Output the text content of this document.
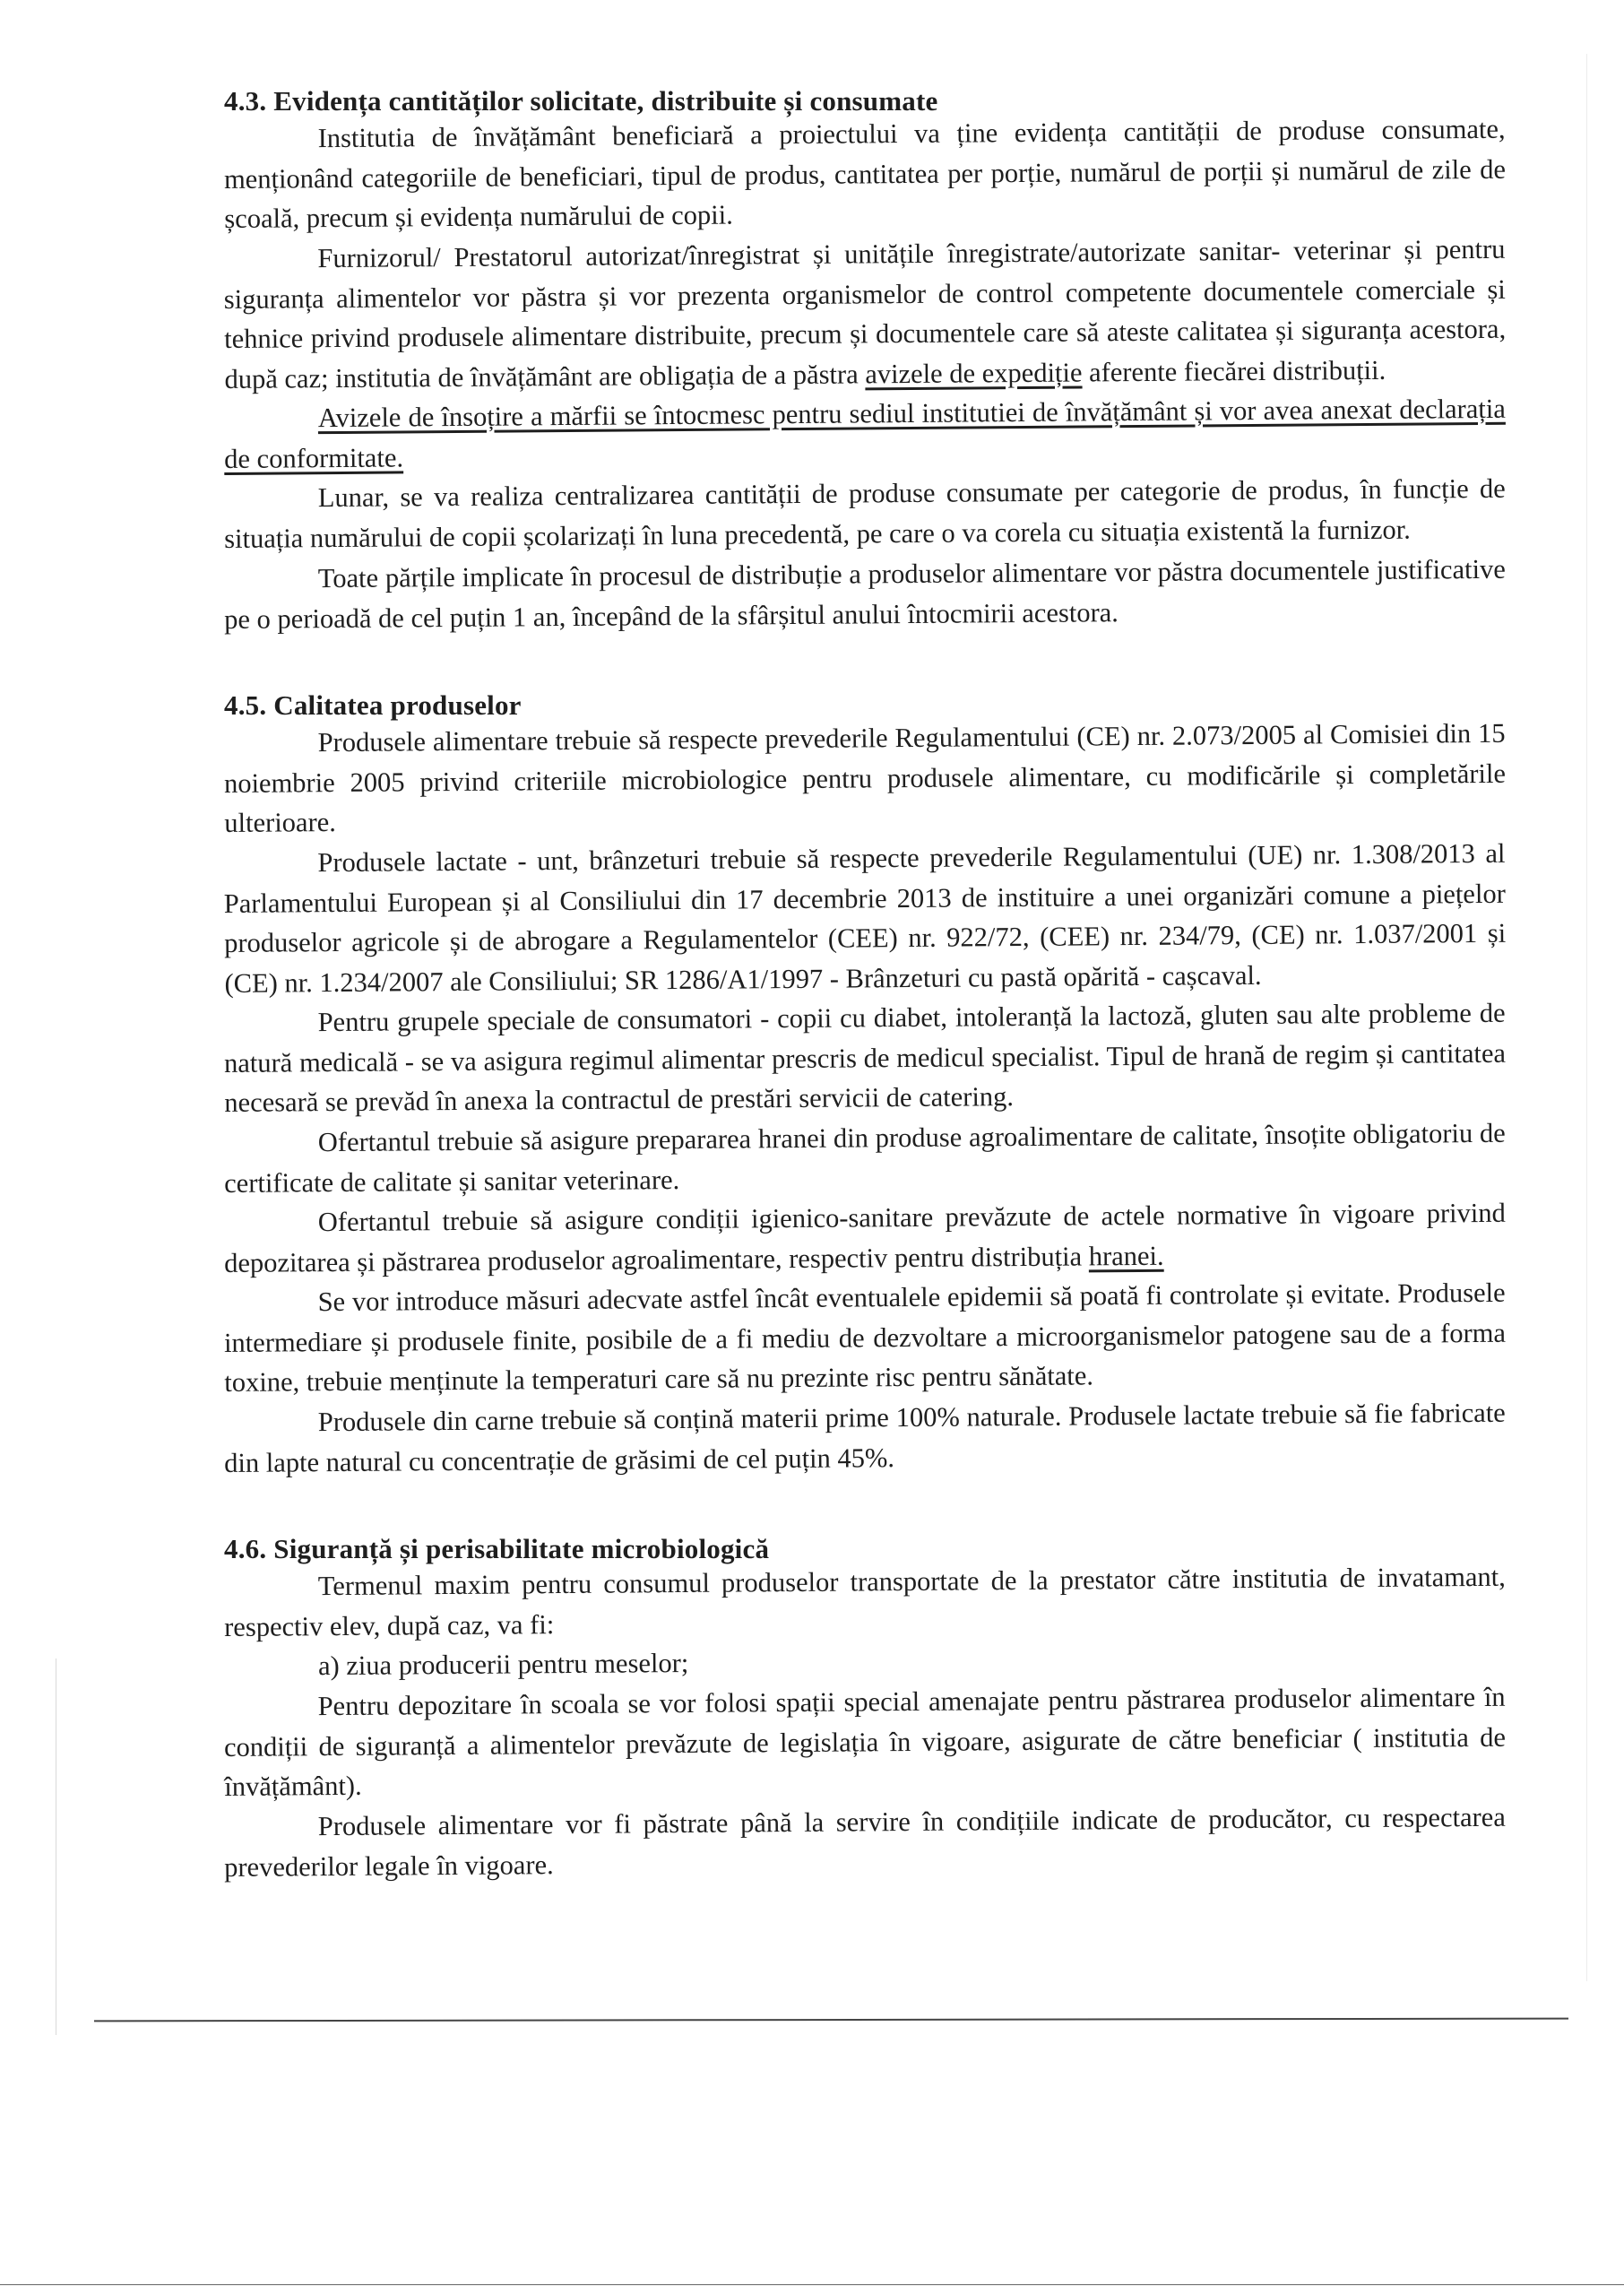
4.3. Evidența cantităților solicitate, distribuite și consumate

Institutia de învățământ beneficiară a proiectului va ține evidența cantității de produse consumate, menționând categoriile de beneficiari, tipul de produs, cantitatea per porție, numărul de porții și numărul de zile de școală, precum și evidența numărului de copii.

Furnizorul/ Prestatorul autorizat/înregistrat și unitățile înregistrate/autorizate sanitar- veterinar și pentru siguranța alimentelor vor păstra și vor prezenta organismelor de control competente documentele comerciale și tehnice privind produsele alimentare distribuite, precum și documentele care să ateste calitatea și siguranța acestora, după caz; institutia de învățământ are obligația de a păstra avizele de expediție aferente fiecărei distribuții.

Avizele de însoțire a mărfii se întocmesc pentru sediul institutiei de învățământ și vor avea anexat declarația de conformitate.

Lunar, se va realiza centralizarea cantității de produse consumate per categorie de produs, în funcție de situația numărului de copii școlarizați în luna precedentă, pe care o va corela cu situația existentă la furnizor.

Toate părțile implicate în procesul de distribuție a produselor alimentare vor păstra documentele justificative pe o perioadă de cel puțin 1 an, începând de la sfârșitul anului întocmirii acestora.

4.5. Calitatea produselor

Produsele alimentare trebuie să respecte prevederile Regulamentului (CE) nr. 2.073/2005 al Comisiei din 15 noiembrie 2005 privind criteriile microbiologice pentru produsele alimentare, cu modificările și completările ulterioare.

Produsele lactate - unt, brânzeturi trebuie să respecte prevederile Regulamentului (UE) nr. 1.308/2013 al Parlamentului European și al Consiliului din 17 decembrie 2013 de instituire a unei organizări comune a piețelor produselor agricole și de abrogare a Regulamentelor (CEE) nr. 922/72, (CEE) nr. 234/79, (CE) nr. 1.037/2001 și (CE) nr. 1.234/2007 ale Consiliului; SR 1286/A1/1997 - Brânzeturi cu pastă opărită - cașcaval.

Pentru grupele speciale de consumatori - copii cu diabet, intoleranță la lactoză, gluten sau alte probleme de natură medicală - se va asigura regimul alimentar prescris de medicul specialist. Tipul de hrană de regim și cantitatea necesară se prevăd în anexa la contractul de prestări servicii de catering.

Ofertantul trebuie să asigure prepararea hranei din produse agroalimentare de calitate, însoțite obligatoriu de certificate de calitate și sanitar veterinare.

Ofertantul trebuie să asigure condiții igienico-sanitare prevăzute de actele normative în vigoare privind depozitarea și păstrarea produselor agroalimentare, respectiv pentru distribuția hranei.

Se vor introduce măsuri adecvate astfel încât eventualele epidemii să poată fi controlate și evitate. Produsele intermediare și produsele finite, posibile de a fi mediu de dezvoltare a microorganismelor patogene sau de a forma toxine, trebuie menținute la temperaturi care să nu prezinte risc pentru sănătate.

Produsele din carne trebuie să conțină materii prime 100% naturale. Produsele lactate trebuie să fie fabricate din lapte natural cu concentrație de grăsimi de cel puțin 45%.

4.6. Siguranță și perisabilitate microbiologică

Termenul maxim pentru consumul produselor transportate de la prestator către institutia de invatamant, respectiv elev, după caz, va fi:

a) ziua producerii pentru meselor;

Pentru depozitare în scoala se vor folosi spații special amenajate pentru păstrarea produselor alimentare în condiții de siguranță a alimentelor prevăzute de legislația în vigoare, asigurate de către beneficiar ( institutia de învățământ).

Produsele alimentare vor fi păstrate până la servire în condițiile indicate de producător, cu respectarea prevederilor legale în vigoare.
